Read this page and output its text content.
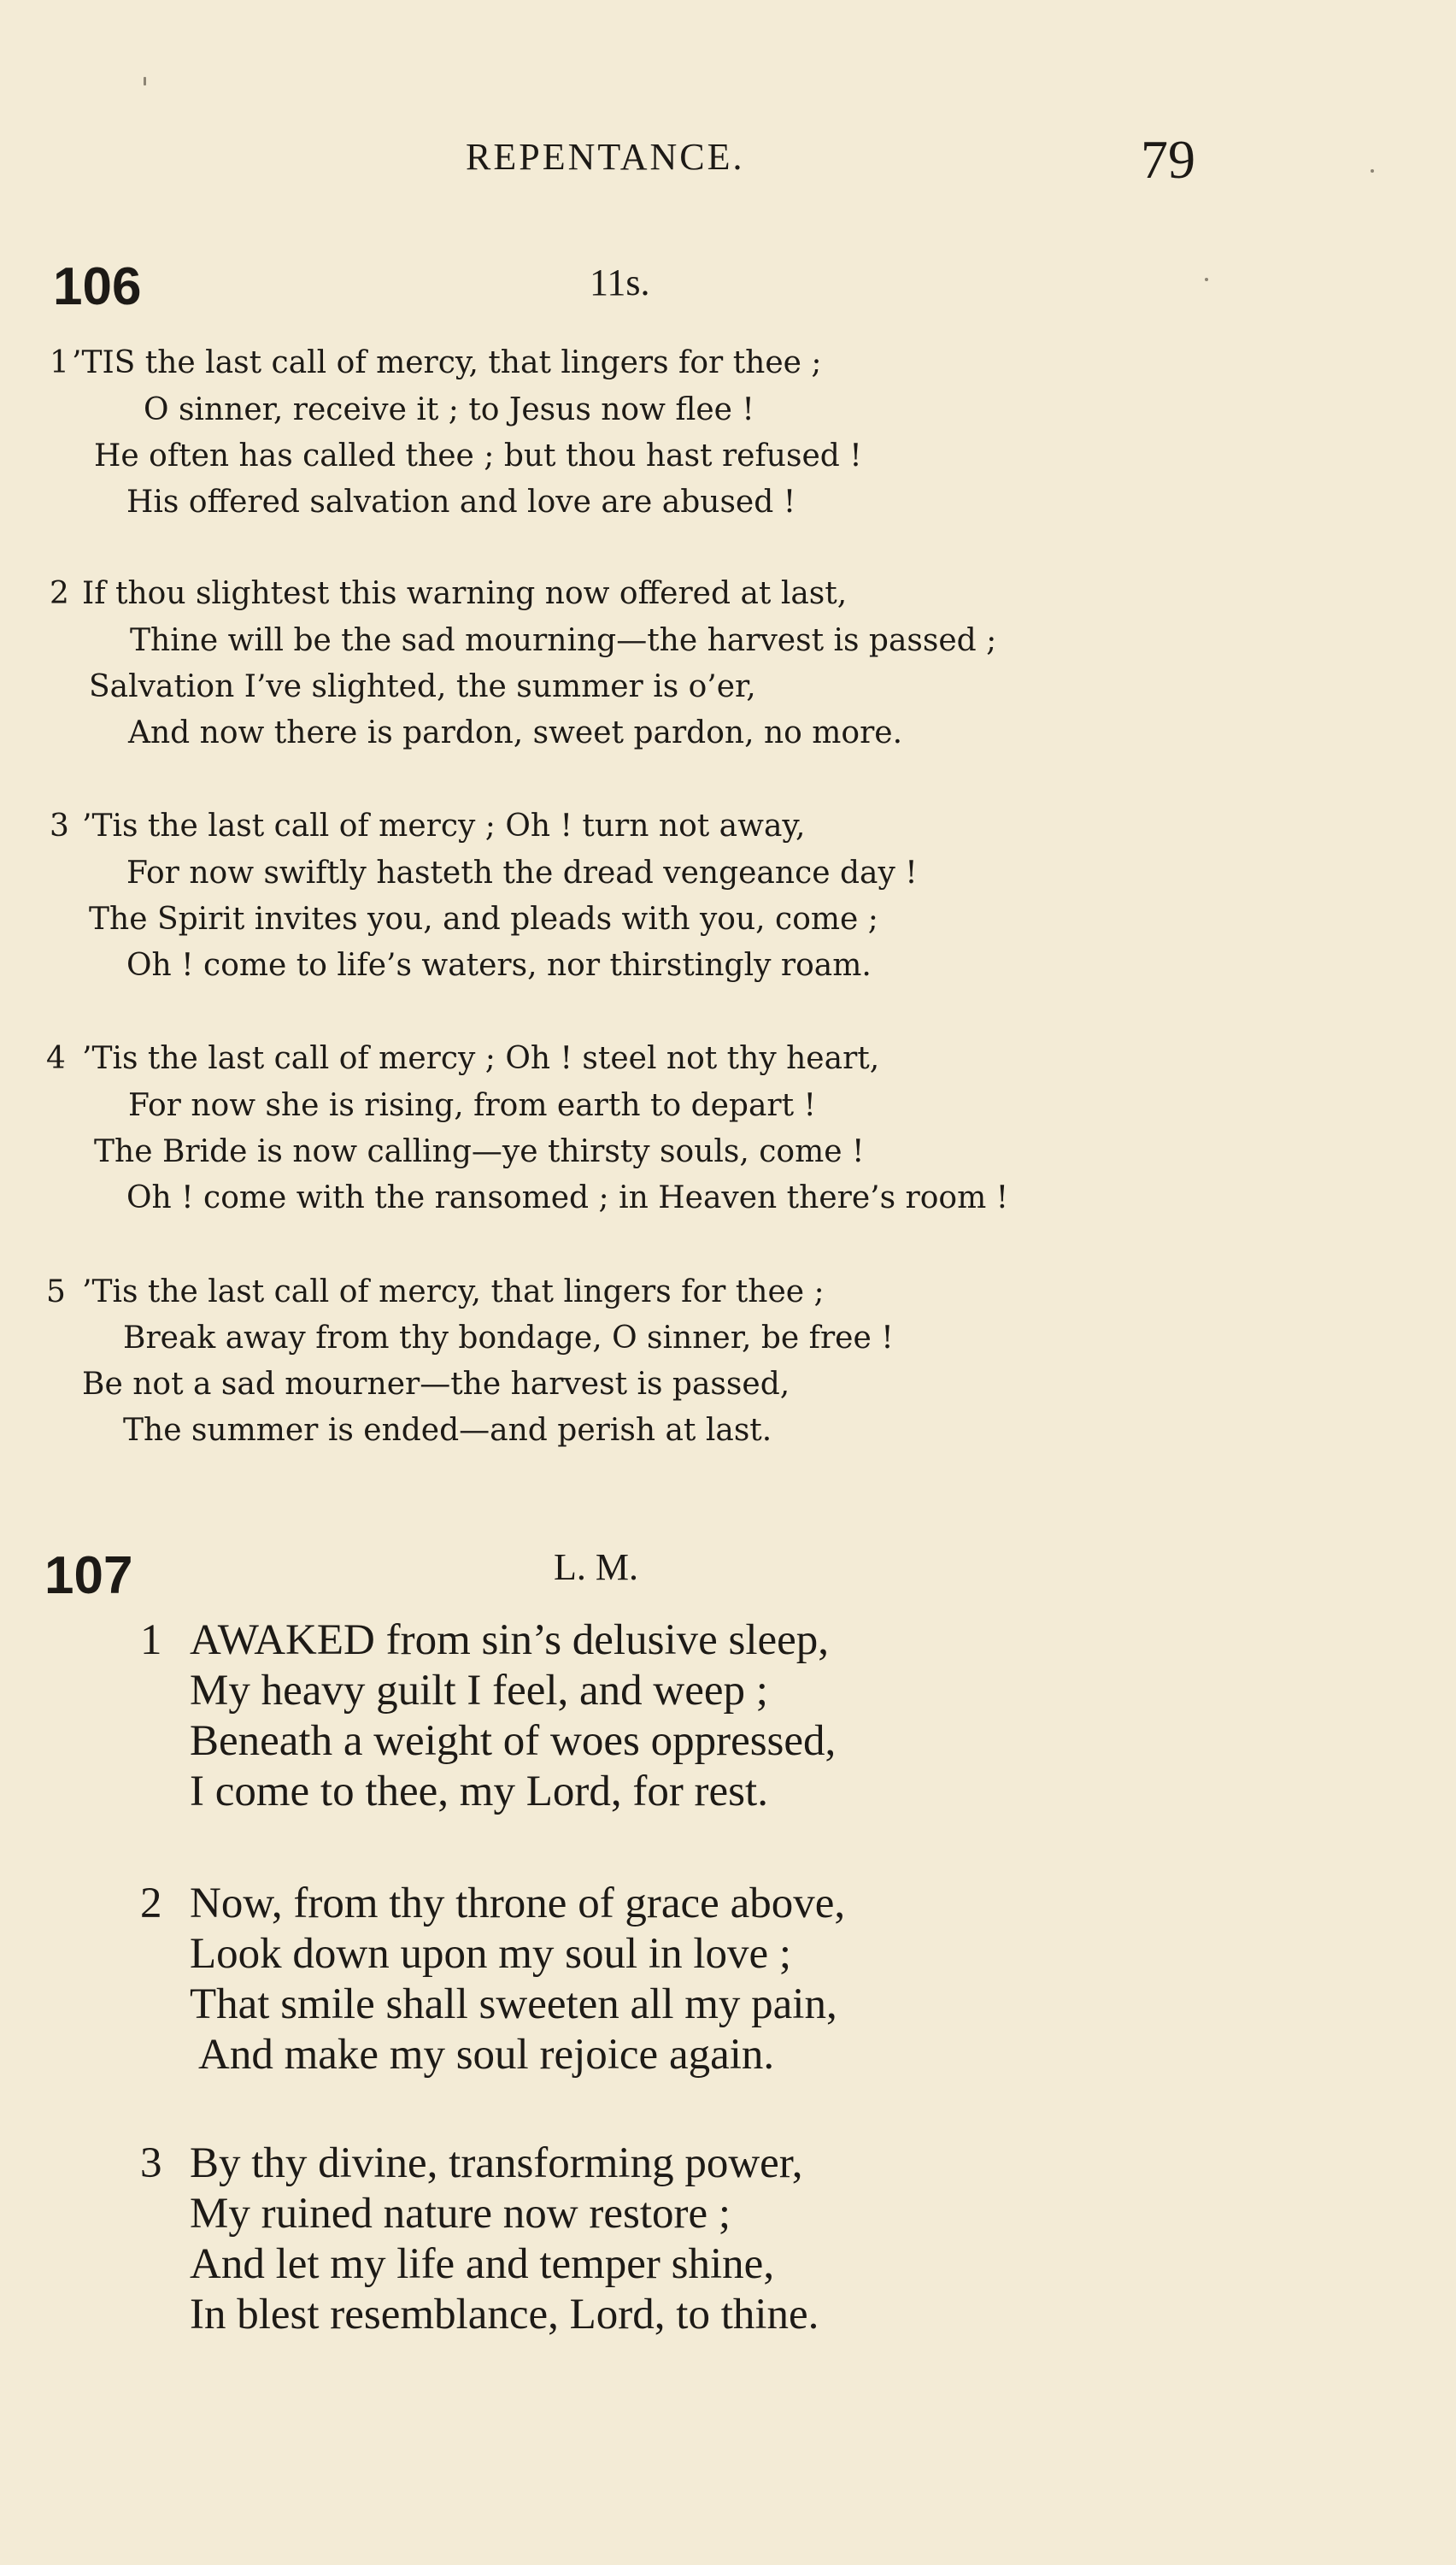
REPENTANCE.	79
106	11s.
1 ’TIS the last call of mercy, that lingers for thee ;
O sinner, receive it ; to Jesus now flee !
He often has called thee ; but thou hast refused !
His offered salvation and love are abused !
2 If thou slightest this warning now offered at last,
Thine will be the sad mourning—the harvest is passed ;
Salvation I’ve slighted, the summer is o’er,
And now there is pardon, sweet pardon, no more.
3 ’Tis the last call of mercy ; Oh ! turn not away,
For now swiftly hasteth the dread vengeance day !
The Spirit invites you, and pleads with you, come ;
Oh ! come to life’s waters, nor thirstingly roam.
4 ’Tis the last call of mercy ; Oh ! steel not thy heart,
For now she is rising, from earth to depart !
The Bride is now calling—ye thirsty souls, come !
Oh ! come with the ransomed ; in Heaven there’s room !
5 ’Tis the last call of mercy, that lingers for thee ;
Break away from thy bondage, O sinner, be free !
Be not a sad mourner—the harvest is passed,
The summer is ended—and perish at last.
107	L. M.
1 AWAKED from sin’s delusive sleep,
My heavy guilt I feel, and weep ;
Beneath a weight of woes oppressed,
I come to thee, my Lord, for rest.
2 Now, from thy throne of grace above,
Look down upon my soul in love ;
That smile shall sweeten all my pain,
And make my soul rejoice again.
3 By thy divine, transforming power,
My ruined nature now restore ;
And let my life and temper shine,
In blest resemblance, Lord, to thine.
